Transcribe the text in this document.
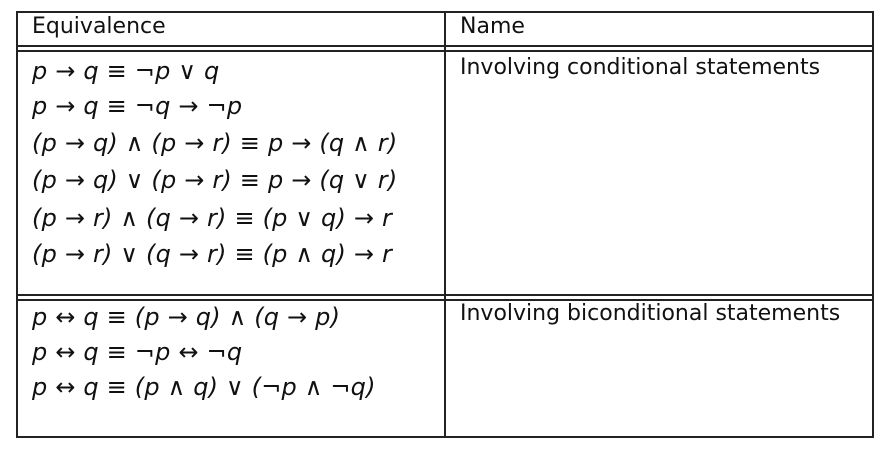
Equivalence	Name
Involving conditional statements
p → q ≡ ¬p ∨ q
p → q ≡ ¬q → ¬p
(p → q) ∧ (p → r) ≡ p → (q ∧ r)
(p → q) ∨ (p → r) ≡ p → (q ∨ r)
(p → r) ∧ (q → r) ≡ (p ∨ q) → r
(p → r) ∨ (q → r) ≡ (p ∧ q) → r
Involving biconditional statements
p ↔ q ≡ (p → q) ∧ (q → p)
p ↔ q ≡ ¬p ↔ ¬q
p ↔ q ≡ (p ∧ q) ∨ (¬p ∧ ¬q)
